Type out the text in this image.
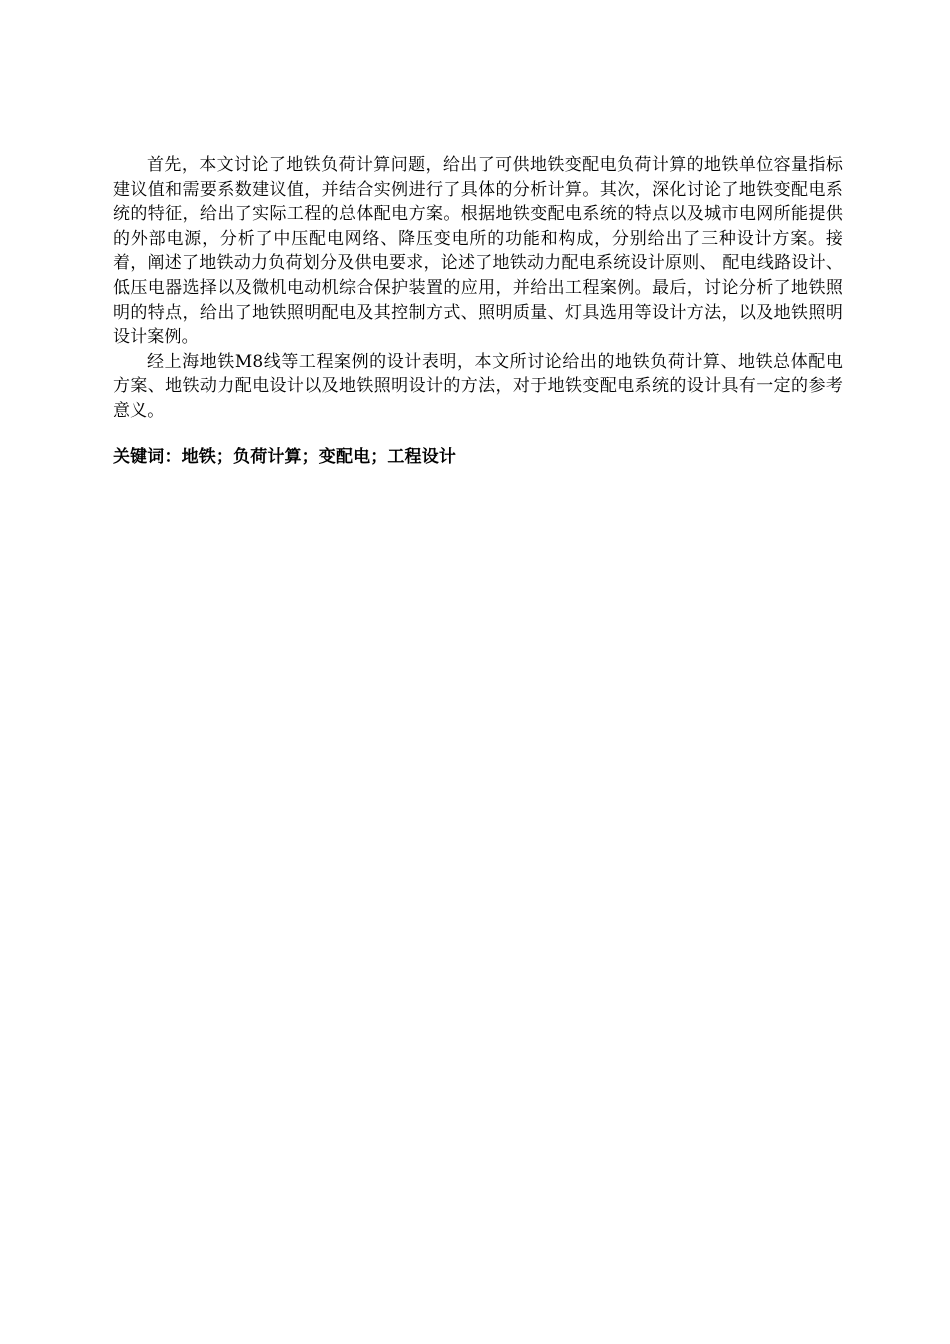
首先，本文讨论了地铁负荷计算问题，给出了可供地铁变配电负荷计算的地铁单位容量指标建议值和需要系数建议值，并结合实例进行了具体的分析计算。其次，深化讨论了地铁变配电系统的特征，给出了实际工程的总体配电方案。根据地铁变配电系统的特点以及城市电网所能提供的外部电源，分析了中压配电网络、降压变电所的功能和构成，分别给出了三种设计方案。接着，阐述了地铁动力负荷划分及供电要求，论述了地铁动力配电系统设计原则、 配电线路设计、 低压电器选择以及微机电动机综合保护装置的应用，并给出工程案例。最后，讨论分析了地铁照明的特点，给出了地铁照明配电及其控制方式、照明质量、灯具选用等设计方法，以及地铁照明设计案例。

经上海地铁M8线等工程案例的设计表明，本文所讨论给出的地铁负荷计算、地铁总体配电方案、地铁动力配电设计以及地铁照明设计的方法，对于地铁变配电系统的设计具有一定的参考意义。

关键词：地铁；负荷计算；变配电；工程设计
